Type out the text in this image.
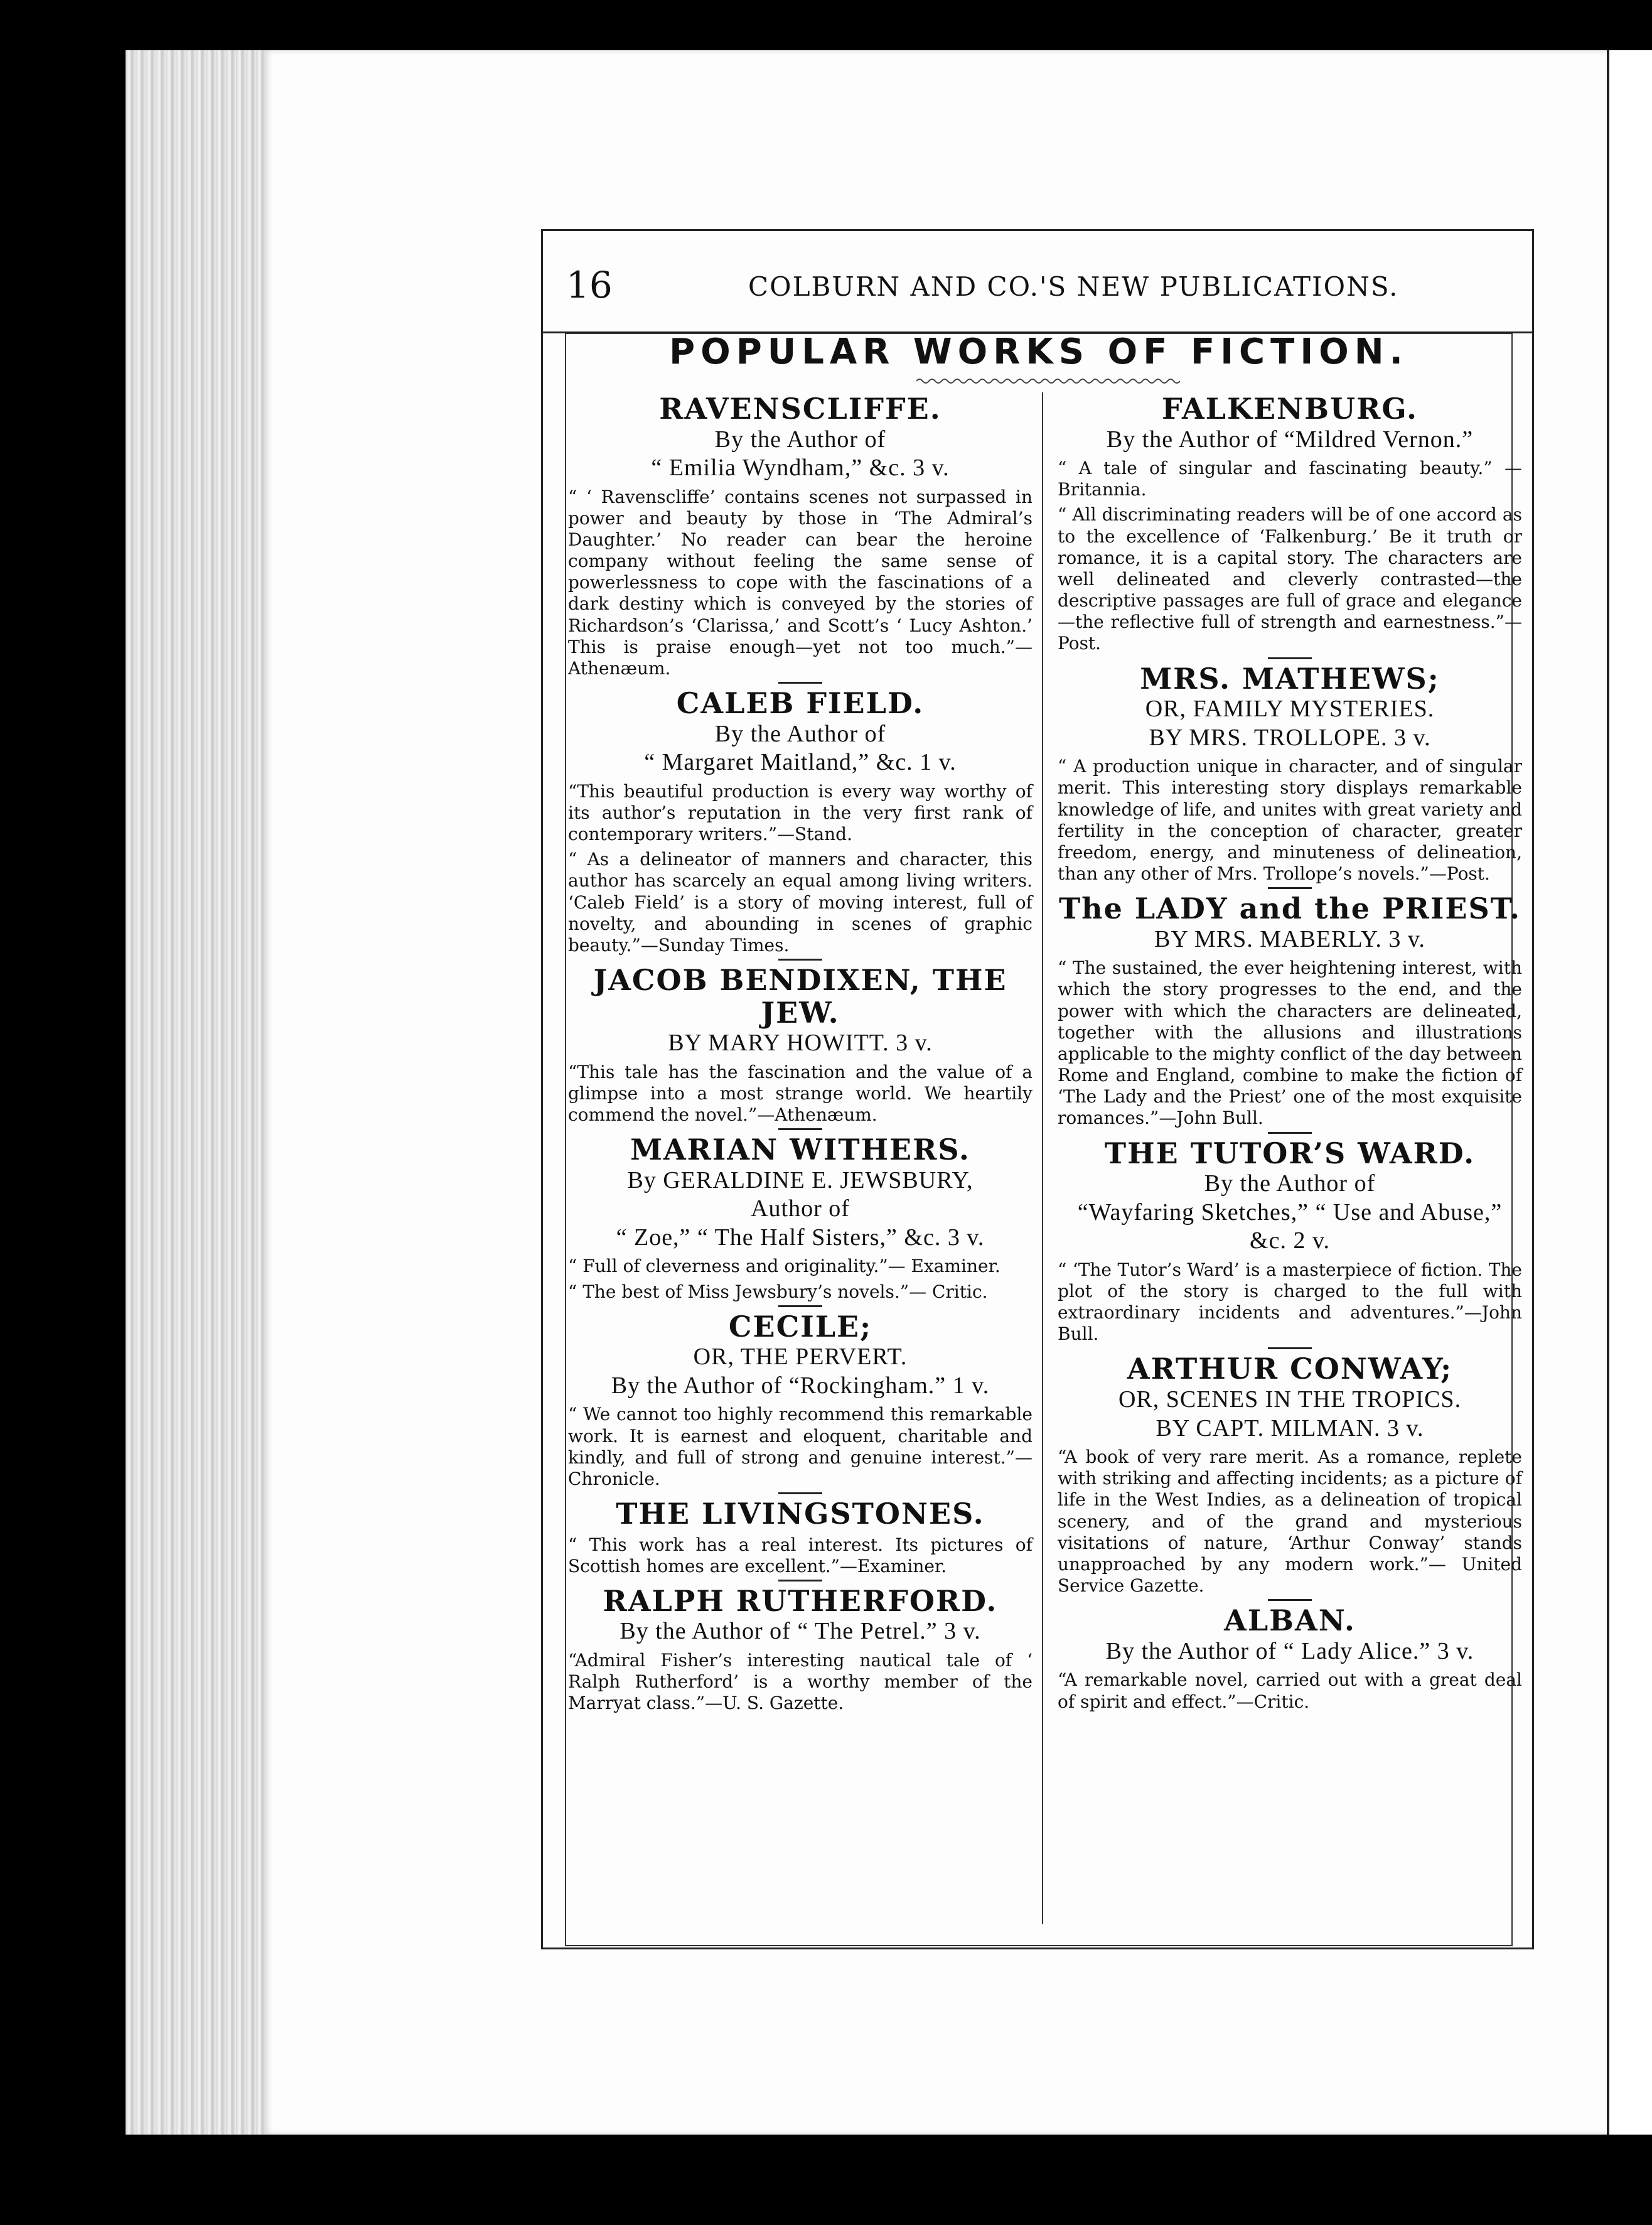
16	COLBURN AND CO.'S NEW PUBLICATIONS.
POPULAR WORKS OF FICTION.
RAVENSCLIFFE.
By the Author of
“ Emilia Wyndham,” &c. 3 v.

“ ‘ Ravenscliffe’ contains scenes not surpassed in power and beauty by those in ‘The Admiral’s Daughter.’ No reader can bear the heroine company without feeling the same sense of powerlessness to cope with the fascinations of a dark destiny which is conveyed by the stories of Richardson’s ‘Clarissa,’ and Scott’s ‘ Lucy Ashton.’ This is praise enough—yet not too much.”— Athenæum.

CALEB FIELD.
By the Author of
“ Margaret Maitland,” &c. 1 v.

“This beautiful production is every way worthy of its author’s reputation in the very first rank of contemporary writers.”—Stand.

“ As a delineator of manners and character, this author has scarcely an equal among living writers. ‘Caleb Field’ is a story of moving interest, full of novelty, and abounding in scenes of graphic beauty.”—Sunday Times.

JACOB BENDIXEN, THE JEW.
BY MARY HOWITT. 3 v.

“This tale has the fascination and the value of a glimpse into a most strange world. We heartily commend the novel.”—Athenæum.

MARIAN WITHERS.
By GERALDINE E. JEWSBURY,
Author of
“ Zoe,” “ The Half Sisters,” &c. 3 v.

“ Full of cleverness and originality.”— Examiner.

“ The best of Miss Jewsbury’s novels.”— Critic.

CECILE;
OR, THE PERVERT.
By the Author of “Rockingham.” 1 v.

“ We cannot too highly recommend this remarkable work. It is earnest and eloquent, charitable and kindly, and full of strong and genuine interest.”—Chronicle.

THE LIVINGSTONES.

“ This work has a real interest. Its pictures of Scottish homes are excellent.”—Examiner.

RALPH RUTHERFORD.
By the Author of “ The Petrel.” 3 v.

“Admiral Fisher’s interesting nautical tale of ‘ Ralph Rutherford’ is a worthy member of the Marryat class.”—U. S. Gazette.

FALKENBURG.
By the Author of “Mildred Vernon.”

“ A tale of singular and fascinating beauty.” —Britannia.

“ All discriminating readers will be of one accord as to the excellence of ‘Falkenburg.’ Be it truth or romance, it is a capital story. The characters are well delineated and cleverly contrasted—the descriptive passages are full of grace and elegance—the reflective full of strength and earnestness.”—Post.

MRS. MATHEWS;
OR, FAMILY MYSTERIES.
BY MRS. TROLLOPE. 3 v.

“ A production unique in character, and of singular merit. This interesting story displays remarkable knowledge of life, and unites with great variety and fertility in the conception of character, greater freedom, energy, and minuteness of delineation, than any other of Mrs. Trollope’s novels.”—Post.

The LADY and the PRIEST.
BY MRS. MABERLY. 3 v.

“ The sustained, the ever heightening interest, with which the story progresses to the end, and the power with which the characters are delineated, together with the allusions and illustrations applicable to the mighty conflict of the day between Rome and England, combine to make the fiction of ‘The Lady and the Priest’ one of the most exquisite romances.”—John Bull.

THE TUTOR’S WARD.
By the Author of
“Wayfaring Sketches,” “ Use and Abuse,” &c. 2 v.

“ ‘The Tutor’s Ward’ is a masterpiece of fiction. The plot of the story is charged to the full with extraordinary incidents and adventures.”—John Bull.

ARTHUR CONWAY;
OR, SCENES IN THE TROPICS.
BY CAPT. MILMAN. 3 v.

“A book of very rare merit. As a romance, replete with striking and affecting incidents; as a picture of life in the West Indies, as a delineation of tropical scenery, and of the grand and mysterious visitations of nature, ‘Arthur Conway’ stands unapproached by any modern work.”— United Service Gazette.

ALBAN.
By the Author of “ Lady Alice.” 3 v.

“A remarkable novel, carried out with a great deal of spirit and effect.”—Critic.
